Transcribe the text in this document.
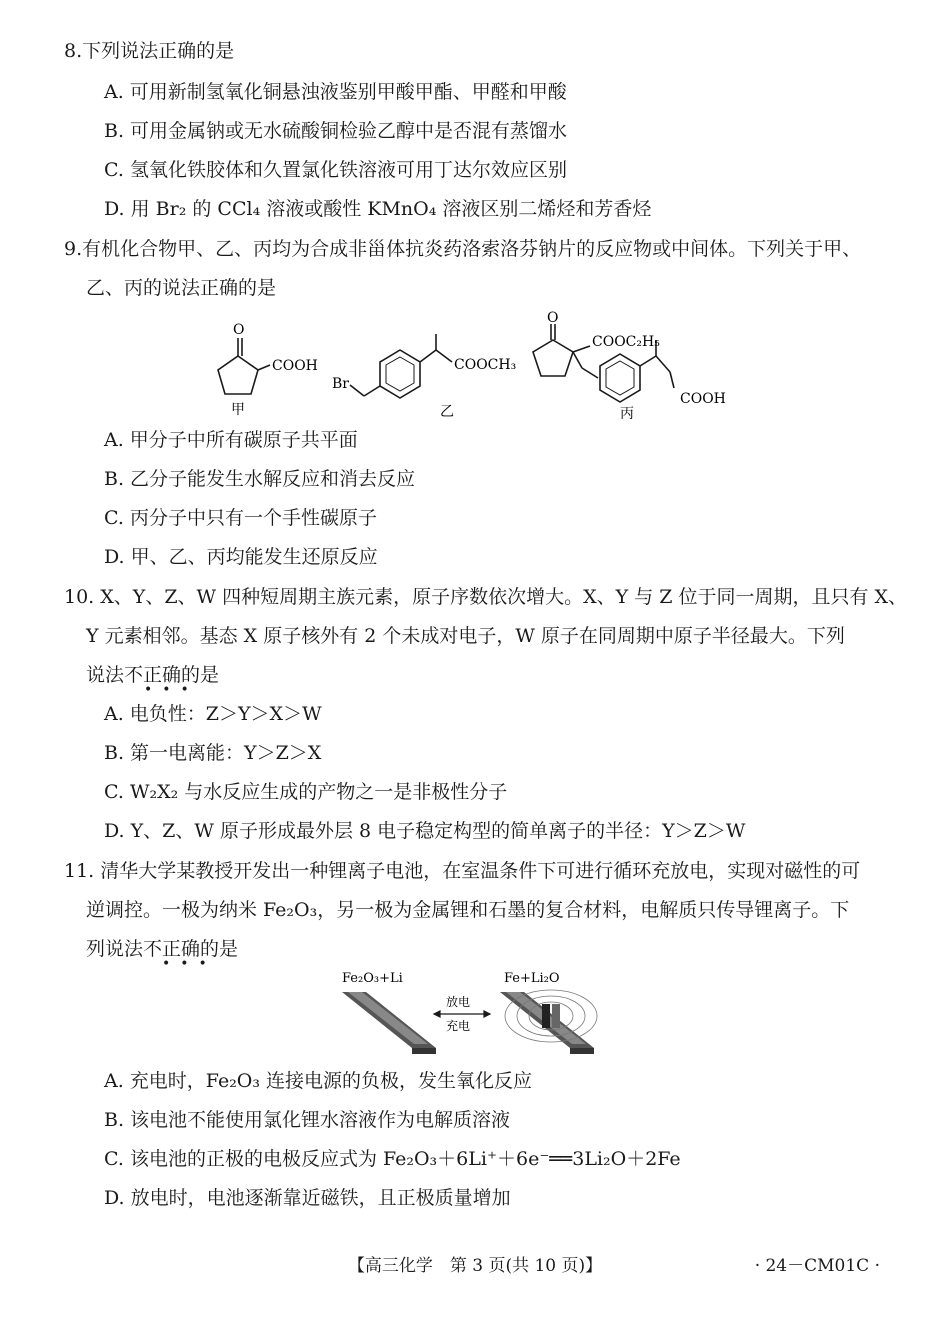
8.下列说法正确的是
A. 可用新制氢氧化铜悬浊液鉴别甲酸甲酯、甲醛和甲酸
B. 可用金属钠或无水硫酸铜检验乙醇中是否混有蒸馏水
C. 氢氧化铁胶体和久置氯化铁溶液可用丁达尔效应区别
D. 用 Br₂ 的 CCl₄ 溶液或酸性 KMnO₄ 溶液区别二烯烃和芳香烃
9.有机化合物甲、乙、丙均为合成非甾体抗炎药洛索洛芬钠片的反应物或中间体。下列关于甲、
乙、丙的说法正确的是
O
COOH
甲
Br
COOCH₃
乙
O
COOC₂H₅
COOH
丙
A. 甲分子中所有碳原子共平面
B. 乙分子能发生水解反应和消去反应
C. 丙分子中只有一个手性碳原子
D. 甲、乙、丙均能发生还原反应
10. X、Y、Z、W 四种短周期主族元素，原子序数依次增大。X、Y 与 Z 位于同一周期，且只有 X、
Y 元素相邻。基态 X 原子核外有 2 个未成对电子，W 原子在同周期中原子半径最大。下列
说法不正确的是
•••
A. 电负性：Z＞Y＞X＞W
B. 第一电离能：Y＞Z＞X
C. W₂X₂ 与水反应生成的产物之一是非极性分子
D. Y、Z、W 原子形成最外层 8 电子稳定构型的简单离子的半径：Y＞Z＞W
11. 清华大学某教授开发出一种锂离子电池，在室温条件下可进行循环充放电，实现对磁性的可
逆调控。一极为纳米 Fe₂O₃，另一极为金属锂和石墨的复合材料，电解质只传导锂离子。下
列说法不正确的是
•••
Fe₂O₃+Li	Fe+Li₂O
放电
充电
A. 充电时，Fe₂O₃ 连接电源的负极，发生氧化反应
B. 该电池不能使用氯化锂水溶液作为电解质溶液
C. 该电池的正极的电极反应式为 Fe₂O₃＋6Li⁺＋6e⁻══3Li₂O＋2Fe
D. 放电时，电池逐渐靠近磁铁，且正极质量增加
【高三化学　第 3 页(共 10 页)】	· 24－CM01C ·
